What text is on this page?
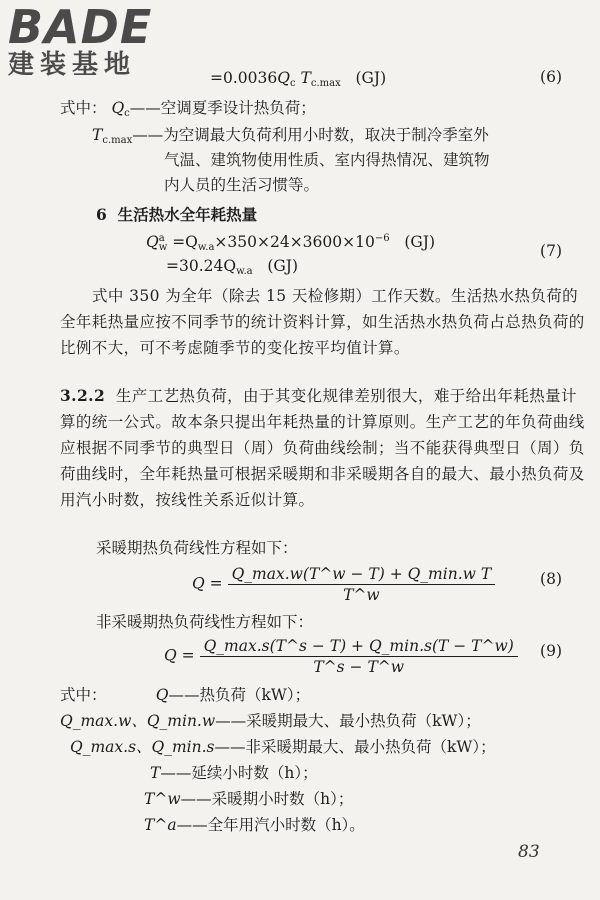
BADE
建装基地	$=0.0036Q_c$ $T_{c.max}$ (GJ)	(6)
式中： $Q_c——$空调夏季设计热负荷；
$T_{c.max}——$为空调最大负荷利用小时数，取决于制冷季室外
气温、建筑物使用性质、室内得热情况、建筑物
内人员的生活习惯等。
6 生活热水全年耗热量
$Q^a_w =Q_{w.a}\times 350\times 24\times 3600\times 10^{-6}$ (GJ)
$=30.24Q_{w.a}$ (GJ)
(7)
式中 350 为全年（除去 15 天检修期）工作天数。生活热水热负荷的全年耗热量应按不同季节的统计资料计算，如生活热水热负荷占总热负荷的比例不大，可不考虑随季节的变化按平均值计算。
3.2.2 生产工艺热负荷，由于其变化规律差别很大，难于给出年耗热量计算的统一公式。故本条只提出年耗热量的计算原则。生产工艺的年负荷曲线应根据不同季节的典型日（周）负荷曲线绘制；当不能获得典型日（周）负荷曲线时，全年耗热量可根据采暖期和非采暖期各自的最大、最小热负荷及用汽小时数，按线性关系近似计算。
采暖期热负荷线性方程如下：
$Q = \frac{\text{Q\_max.w(T\textasciicircum{}w − T) + Q\_min.w T}}{T\^{}w}$	(8)
非采暖期热负荷线性方程如下：
$Q = \frac{Q\_\max.s(T\^{}s - T) + Q\_\min.s(T - T\^{}w)}{T\^{}s - T\^{}w} (9)$
式中：	Q——热负荷（kW）；
Q_max.w、Q_min.w——采暖期最大、最小热负荷（kW）；
Q_max.s、Q_min.s——非采暖期最大、最小热负荷（kW）；
T——延续小时数（h）；
T^w——采暖期小时数（h）；
T^a——全年用汽小时数（h）。
83
